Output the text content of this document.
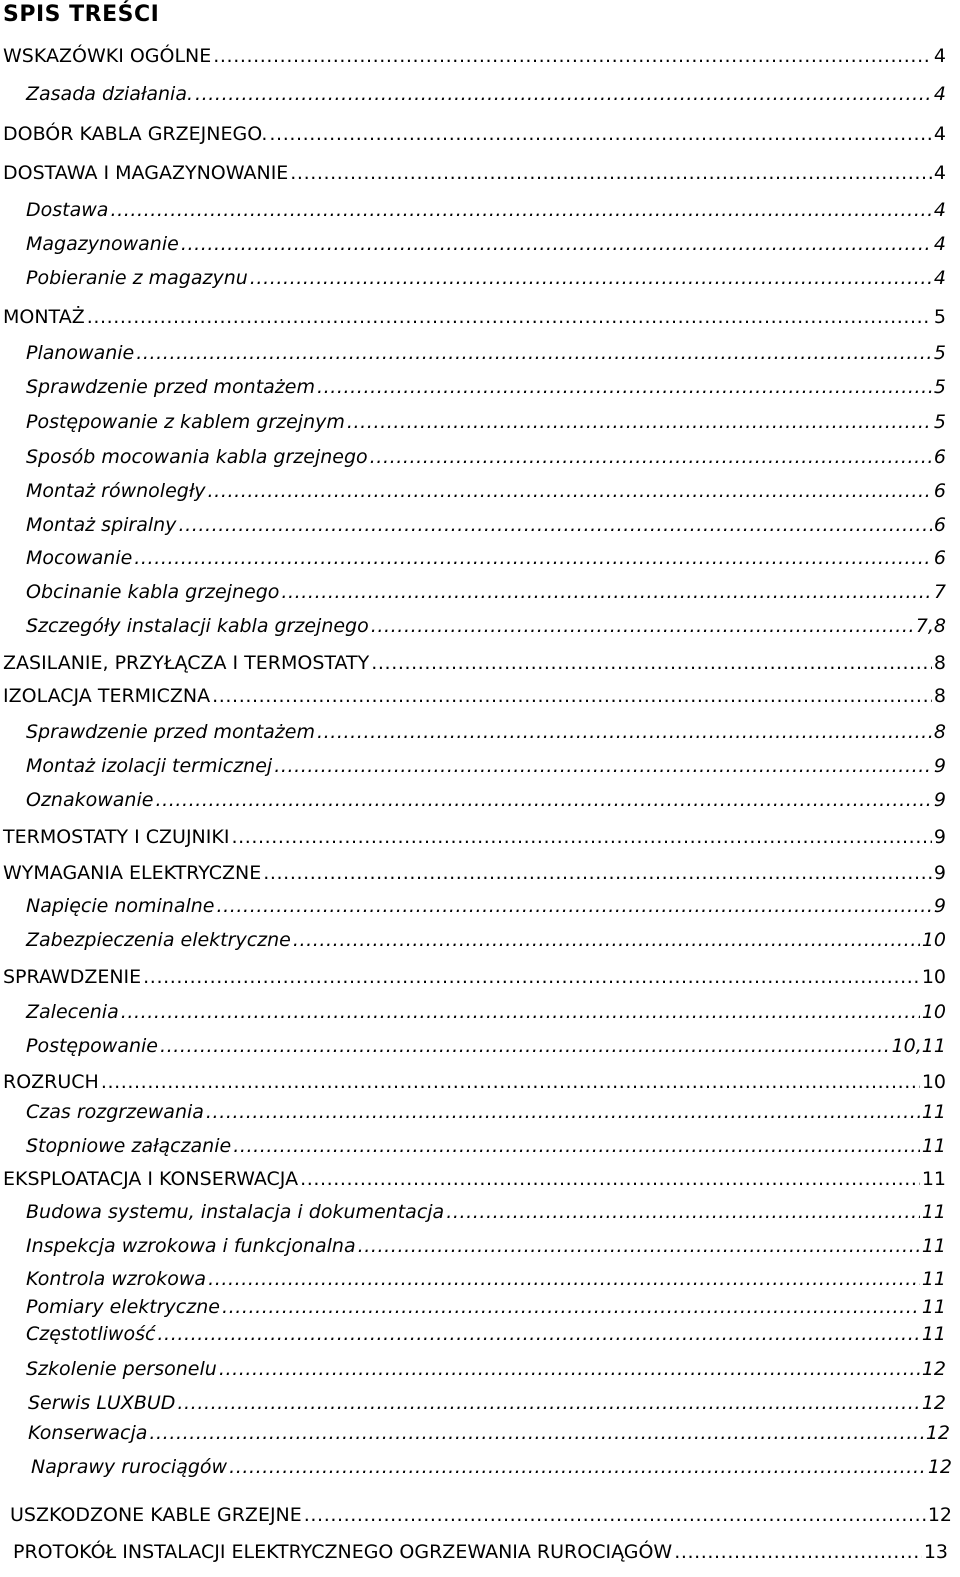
SPIS TREŚCI
WSKAZÓWKI OGÓLNE .....	4
Zasada działania. .....	4
DOBÓR KABLA GRZEJNEGO. .....	4
DOSTAWA I MAGAZYNOWANIE .....	4
Dostawa .....	4
Magazynowanie .....	4
Pobieranie z magazynu .....	4
MONTAŻ .....	5
Planowanie .....	5
Sprawdzenie przed montażem .....	5
Postępowanie z kablem grzejnym .....	5
Sposób mocowania kabla grzejnego .....	6
Montaż równoległy .....	6
Montaż spiralny .....	6
Mocowanie .....	6
Obcinanie kabla grzejnego .....	7
Szczegóły instalacji kabla grzejnego .....	7,8
ZASILANIE, PRZYŁĄCZA I TERMOSTATY .....	8
IZOLACJA TERMICZNA .....	8
Sprawdzenie przed montażem .....	8
Montaż izolacji termicznej .....	9
Oznakowanie .....	9
TERMOSTATY I CZUJNIKI .....	9
WYMAGANIA ELEKTRYCZNE .....	9
Napięcie nominalne .....	9
Zabezpieczenia elektryczne .....	10
SPRAWDZENIE .....	10
Zalecenia .....	10
Postępowanie .....	10,11
ROZRUCH .....	10
Czas rozgrzewania .....	11
Stopniowe załączanie .....	11
EKSPLOATACJA I KONSERWACJA .....	11
Budowa systemu, instalacja i dokumentacja .....	11
Inspekcja wzrokowa i funkcjonalna .....	11
Kontrola wzrokowa .....	11
Pomiary elektryczne .....	11
Częstotliwość .....	11
Szkolenie personelu .....	12
Serwis LUXBUD .....	12
Konserwacja .....	12
Naprawy rurociągów .....	12
USZKODZONE KABLE GRZEJNE .....	12
PROTOKÓŁ INSTALACJI ELEKTRYCZNEGO OGRZEWANIA RUROCIĄGÓW .....	13
